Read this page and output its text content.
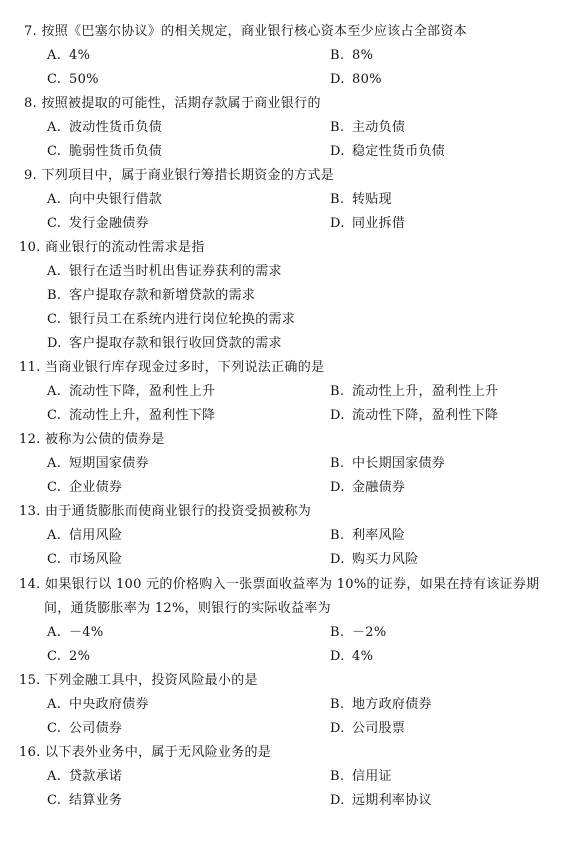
7. 按照《巴塞尔协议》的相关规定，商业银行核心资本至少应该占全部资本
A. 4%	B. 8%
C. 50%	D. 80%
8. 按照被提取的可能性，活期存款属于商业银行的
A. 波动性货币负债	B. 主动负债
C. 脆弱性货币负债	D. 稳定性货币负债
9. 下列项目中，属于商业银行筹措长期资金的方式是
A. 向中央银行借款	B. 转贴现
C. 发行金融债券	D. 同业拆借
10. 商业银行的流动性需求是指
A. 银行在适当时机出售证券获利的需求
B. 客户提取存款和新增贷款的需求
C. 银行员工在系统内进行岗位轮换的需求
D. 客户提取存款和银行收回贷款的需求
11. 当商业银行库存现金过多时，下列说法正确的是
A. 流动性下降，盈利性上升	B. 流动性上升，盈利性上升
C. 流动性上升，盈利性下降	D. 流动性下降，盈利性下降
12. 被称为公债的债券是
A. 短期国家债券	B. 中长期国家债券
C. 企业债券	D. 金融债券
13. 由于通货膨胀而使商业银行的投资受损被称为
A. 信用风险	B. 利率风险
C. 市场风险	D. 购买力风险
14. 如果银行以 100 元的价格购入一张票面收益率为 10%的证券，如果在持有该证券期
间，通货膨胀率为 12%，则银行的实际收益率为
A. －4%	B. －2%
C. 2%	D. 4%
15. 下列金融工具中，投资风险最小的是
A. 中央政府债券	B. 地方政府债券
C. 公司债券	D. 公司股票
16. 以下表外业务中，属于无风险业务的是
A. 贷款承诺	B. 信用证
C. 结算业务	D. 远期利率协议
